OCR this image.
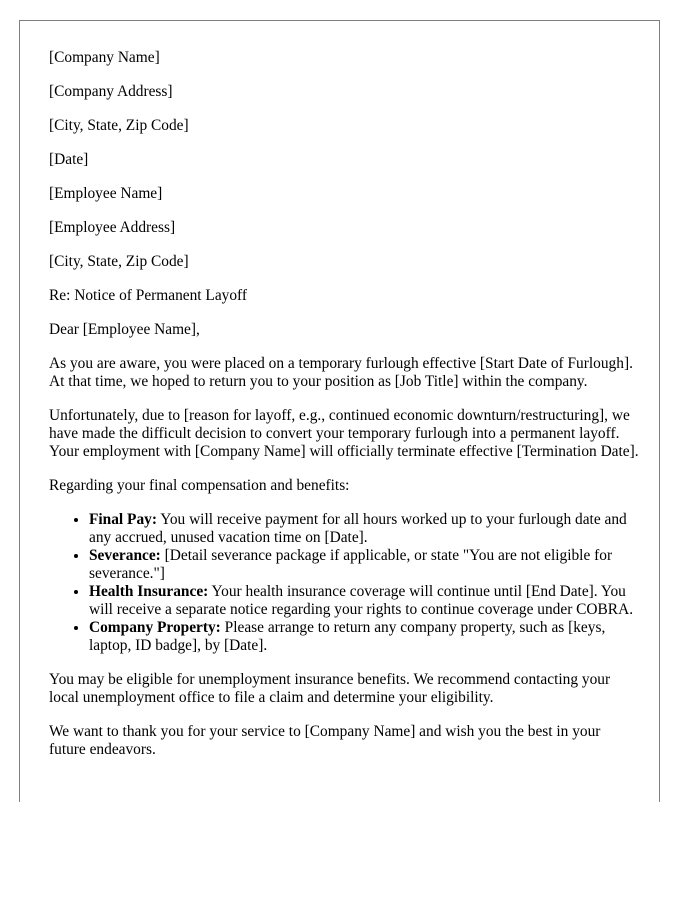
[Company Name]

[Company Address]

[City, State, Zip Code]

[Date]

[Employee Name]

[Employee Address]

[City, State, Zip Code]

Re: Notice of Permanent Layoff

Dear [Employee Name],

As you are aware, you were placed on a temporary furlough effective [Start Date of Furlough]. At that time, we hoped to return you to your position as [Job Title] within the company.

Unfortunately, due to [reason for layoff, e.g., continued economic downturn/restructuring], we have made the difficult decision to convert your temporary furlough into a permanent layoff. Your employment with [Company Name] will officially terminate effective [Termination Date].

Regarding your final compensation and benefits:

• Final Pay: You will receive payment for all hours worked up to your furlough date and any accrued, unused vacation time on [Date].
• Severance: [Detail severance package if applicable, or state "You are not eligible for severance."]
• Health Insurance: Your health insurance coverage will continue until [End Date]. You will receive a separate notice regarding your rights to continue coverage under COBRA.
• Company Property: Please arrange to return any company property, such as [keys, laptop, ID badge], by [Date].

You may be eligible for unemployment insurance benefits. We recommend contacting your local unemployment office to file a claim and determine your eligibility.

We want to thank you for your service to [Company Name] and wish you the best in your future endeavors.
